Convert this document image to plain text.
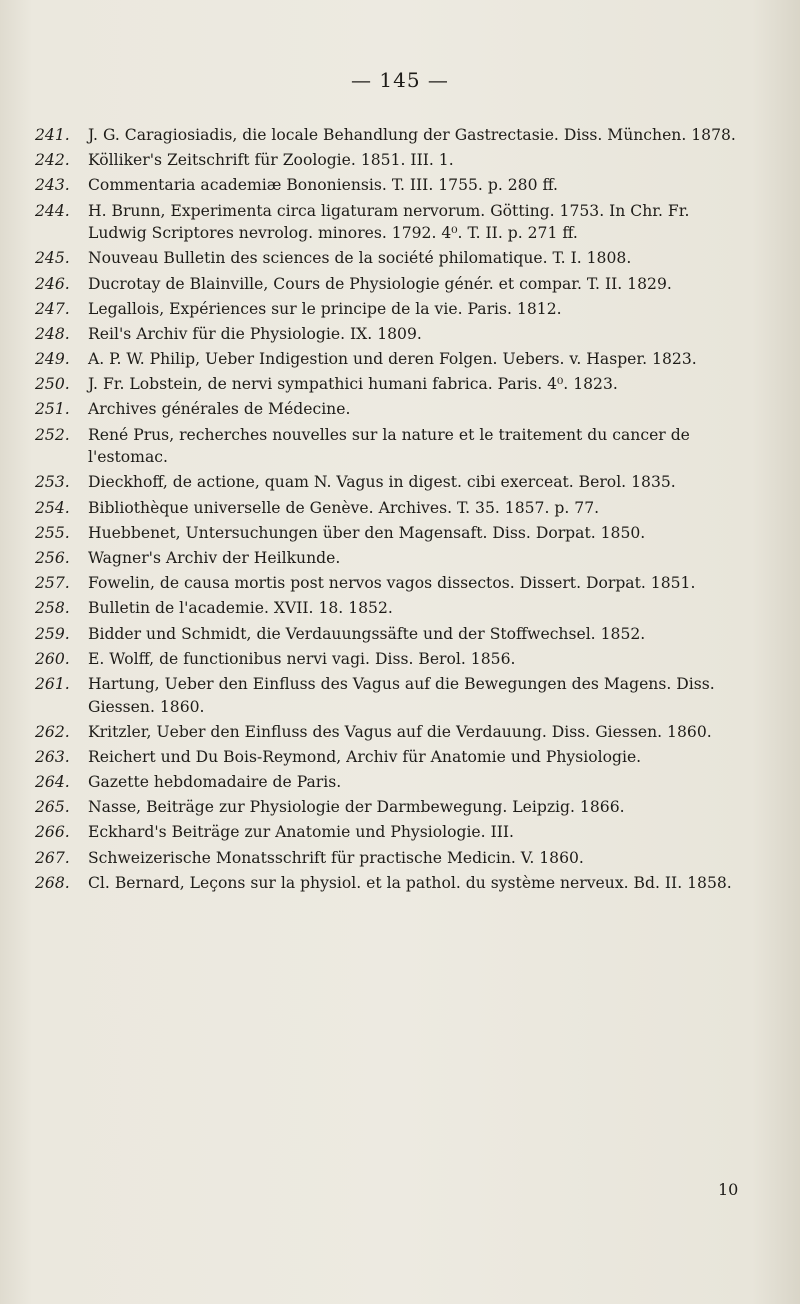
— 145 —
241. J. G. Caragiosiadis, die locale Behandlung der Gastrectasie. Diss. München. 1878.
242. Kölliker's Zeitschrift für Zoologie. 1851. III. 1.
243. Commentaria academiæ Bononiensis. T. III. 1755. p. 280 ff.
244. H. Brunn, Experimenta circa ligaturam nervorum. Götting. 1753. In Chr. Fr. Ludwig Scriptores nevrolog. minores. 1792. 4⁰. T. II. p. 271 ff.
245. Nouveau Bulletin des sciences de la société philomatique. T. I. 1808.
246. Ducrotay de Blainville, Cours de Physiologie génér. et compar. T. II. 1829.
247. Legallois, Expériences sur le principe de la vie. Paris. 1812.
248. Reil's Archiv für die Physiologie. IX. 1809.
249. A. P. W. Philip, Ueber Indigestion und deren Folgen. Uebers. v. Hasper. 1823.
250. J. Fr. Lobstein, de nervi sympathici humani fabrica. Paris. 4⁰. 1823.
251. Archives générales de Médecine.
252. René Prus, recherches nouvelles sur la nature et le traitement du cancer de l'estomac.
253. Dieckhoff, de actione, quam N. Vagus in digest. cibi exerceat. Berol. 1835.
254. Bibliothèque universelle de Genève. Archives. T. 35. 1857. p. 77.
255. Huebbenet, Untersuchungen über den Magensaft. Diss. Dorpat. 1850.
256. Wagner's Archiv der Heilkunde.
257. Fowelin, de causa mortis post nervos vagos dissectos. Dissert. Dorpat. 1851.
258. Bulletin de l'academie. XVII. 18. 1852.
259. Bidder und Schmidt, die Verdauungssäfte und der Stoffwechsel. 1852.
260. E. Wolff, de functionibus nervi vagi. Diss. Berol. 1856.
261. Hartung, Ueber den Einfluss des Vagus auf die Bewegungen des Magens. Diss. Giessen. 1860.
262. Kritzler, Ueber den Einfluss des Vagus auf die Verdauung. Diss. Giessen. 1860.
263. Reichert und Du Bois-Reymond, Archiv für Anatomie und Physiologie.
264. Gazette hebdomadaire de Paris.
265. Nasse, Beiträge zur Physiologie der Darmbewegung. Leipzig. 1866.
266. Eckhard's Beiträge zur Anatomie und Physiologie. III.
267. Schweizerische Monatsschrift für practische Medicin. V. 1860.
268. Cl. Bernard, Leçons sur la physiol. et la pathol. du système nerveux. Bd. II. 1858.
10
